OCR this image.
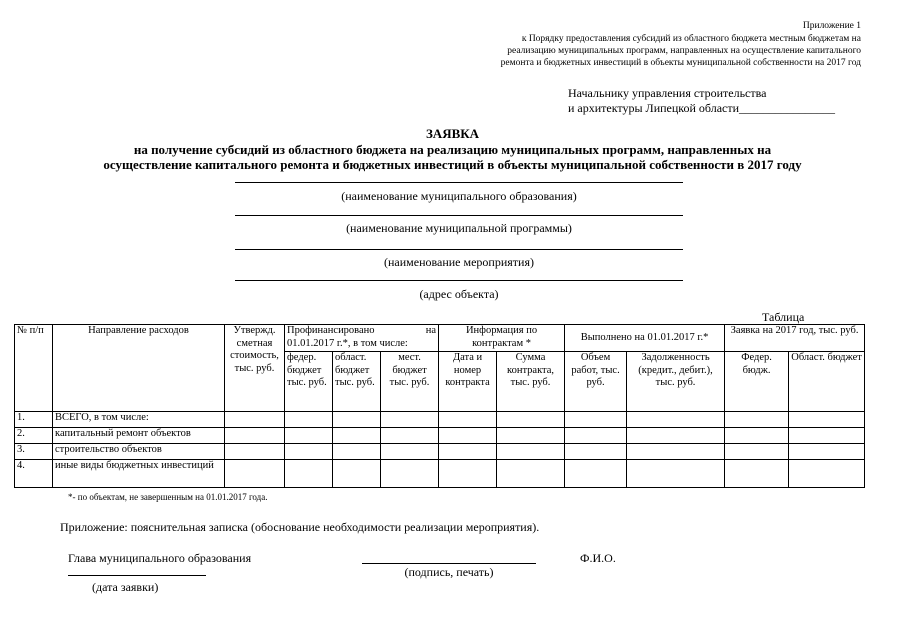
Приложение 1
к Порядку предоставления субсидий из областного бюджета местным бюджетам на
реализацию муниципальных программ, направленных на осуществление капитального
ремонта и бюджетных инвестиций в объекты муниципальной собственности на 2017 год
Начальнику управления строительства
и архитектуры Липецкой области________________
ЗАЯВКА
на получение субсидий из областного бюджета на реализацию муниципальных программ, направленных на
осуществление капитального ремонта и бюджетных инвестиций в объекты муниципальной собственности в 2017 году
(наименование муниципального образования)
(наименование муниципальной программы)
(наименование мероприятия)
(адрес объекта)
Таблица
№ п/п	Направление расходов	Утвержд. сметная стоимость, тыс. руб.	Профинансировано на 01.01.2017 г.*, в том числе:			Информация по контрактам *		Выполнено на 01.01.2017 г.*		Заявка на 2017 год, тыс. руб.	
			федер. бюджет тыс. руб.	област. бюджет тыс. руб.	мест. бюджет тыс. руб.	Дата и номер контракта	Сумма контракта, тыс. руб.	Объем работ, тыс. руб.	Задолженность (кредит., дебит.), тыс. руб.	Федер. бюдж.	Област. бюджет
1.	ВСЕГО, в том числе:										
2.	капитальный ремонт объектов										
3.	строительство объектов										
4.	иные виды бюджетных инвестиций										
*- по объектам, не завершенным на 01.01.2017 года.
Приложение: пояснительная записка (обоснование необходимости реализации мероприятия).
Глава муниципального образования	Ф.И.О.
(подпись, печать)
(дата заявки)
